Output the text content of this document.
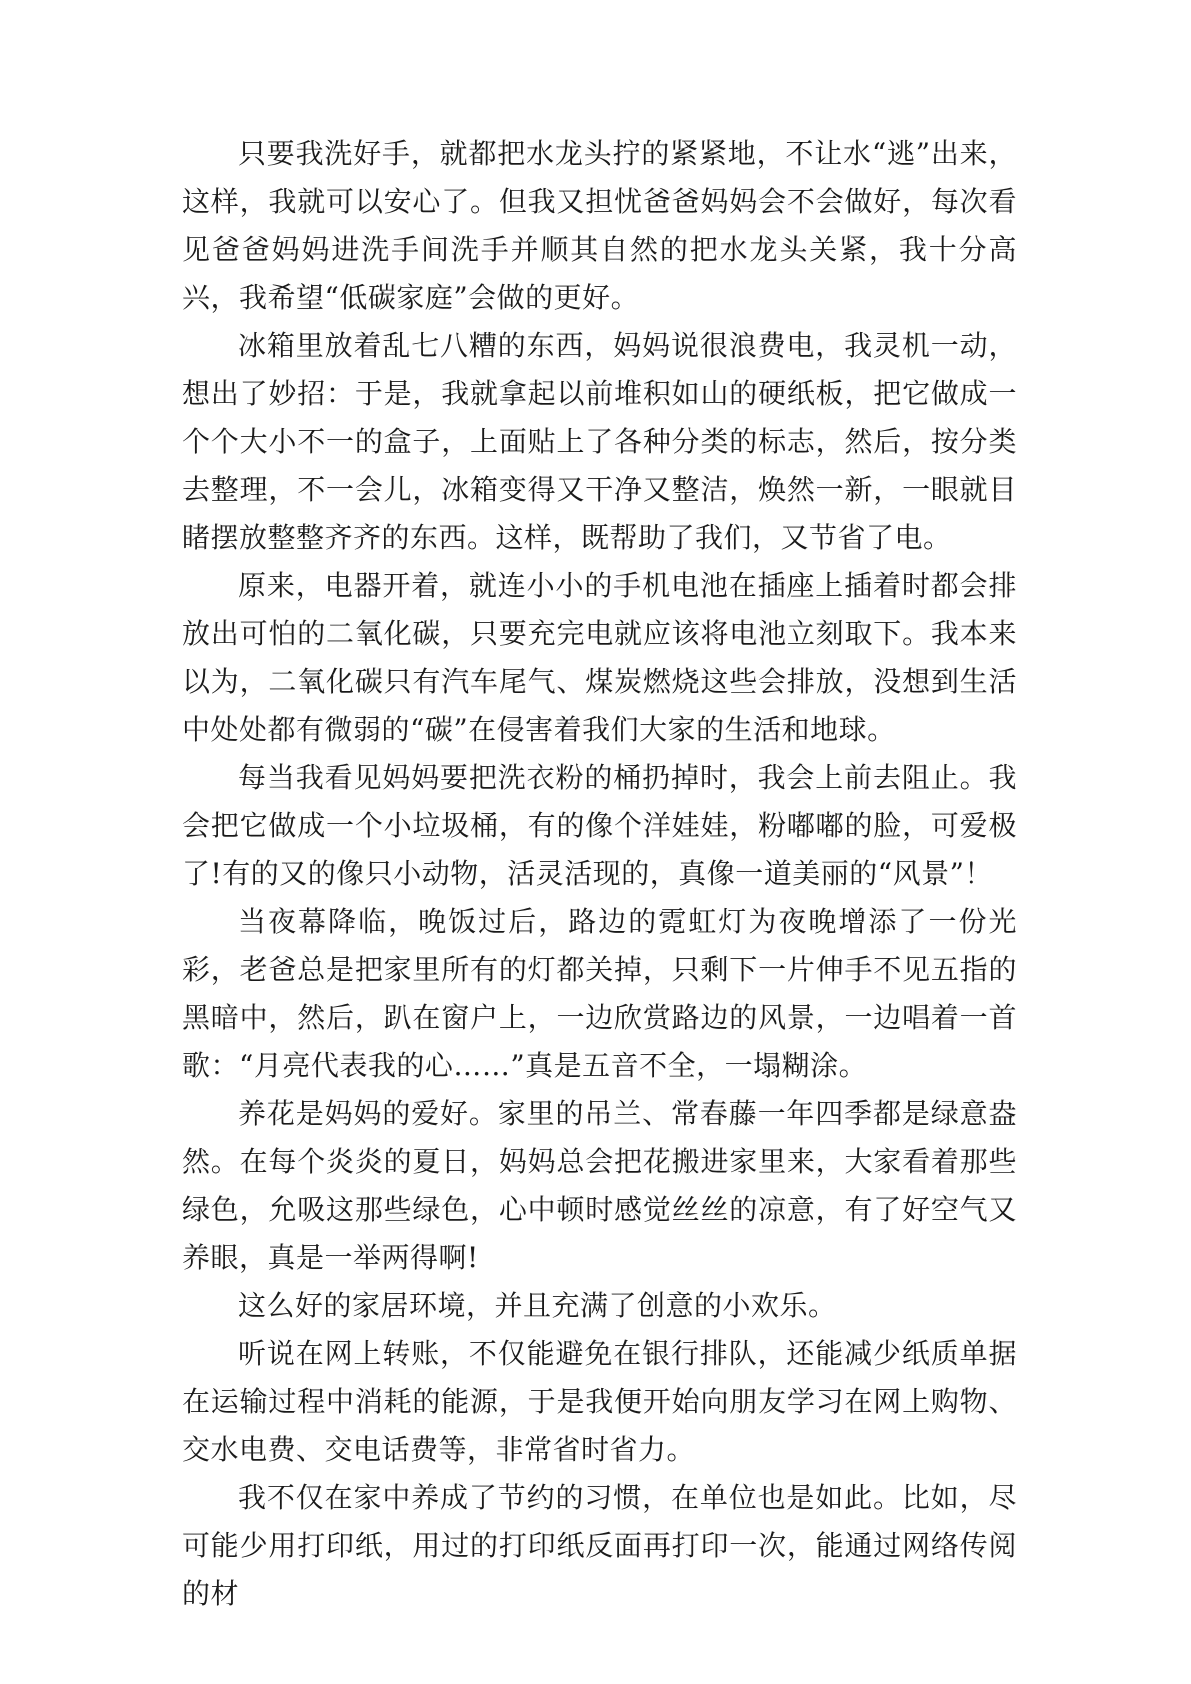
只要我洗好手，就都把水龙头拧的紧紧地，不让水“逃”出来，这样，我就可以安心了。但我又担忧爸爸妈妈会不会做好，每次看见爸爸妈妈进洗手间洗手并顺其自然的把水龙头关紧，我十分高兴，我希望“低碳家庭”会做的更好。

冰箱里放着乱七八糟的东西，妈妈说很浪费电，我灵机一动，想出了妙招：于是，我就拿起以前堆积如山的硬纸板，把它做成一个个大小不一的盒子，上面贴上了各种分类的标志，然后，按分类去整理，不一会儿，冰箱变得又干净又整洁，焕然一新，一眼就目睹摆放整整齐齐的东西。这样，既帮助了我们，又节省了电。

原来，电器开着，就连小小的手机电池在插座上插着时都会排放出可怕的二氧化碳，只要充完电就应该将电池立刻取下。我本来以为，二氧化碳只有汽车尾气、煤炭燃烧这些会排放，没想到生活中处处都有微弱的“碳”在侵害着我们大家的生活和地球。

每当我看见妈妈要把洗衣粉的桶扔掉时，我会上前去阻止。我会把它做成一个小垃圾桶，有的像个洋娃娃，粉嘟嘟的脸，可爱极了!有的又的像只小动物，活灵活现的，真像一道美丽的“风景”！

当夜幕降临，晚饭过后，路边的霓虹灯为夜晚增添了一份光彩，老爸总是把家里所有的灯都关掉，只剩下一片伸手不见五指的黑暗中，然后，趴在窗户上，一边欣赏路边的风景，一边唱着一首歌：“月亮代表我的心……”真是五音不全，一塌糊涂。

养花是妈妈的爱好。家里的吊兰、常春藤一年四季都是绿意盎然。在每个炎炎的夏日，妈妈总会把花搬进家里来，大家看着那些绿色，允吸这那些绿色，心中顿时感觉丝丝的凉意，有了好空气又养眼，真是一举两得啊!

这么好的家居环境，并且充满了创意的小欢乐。

听说在网上转账，不仅能避免在银行排队，还能减少纸质单据在运输过程中消耗的能源，于是我便开始向朋友学习在网上购物、交水电费、交电话费等，非常省时省力。

我不仅在家中养成了节约的习惯，在单位也是如此。比如，尽可能少用打印纸，用过的打印纸反面再打印一次，能通过网络传阅的材
